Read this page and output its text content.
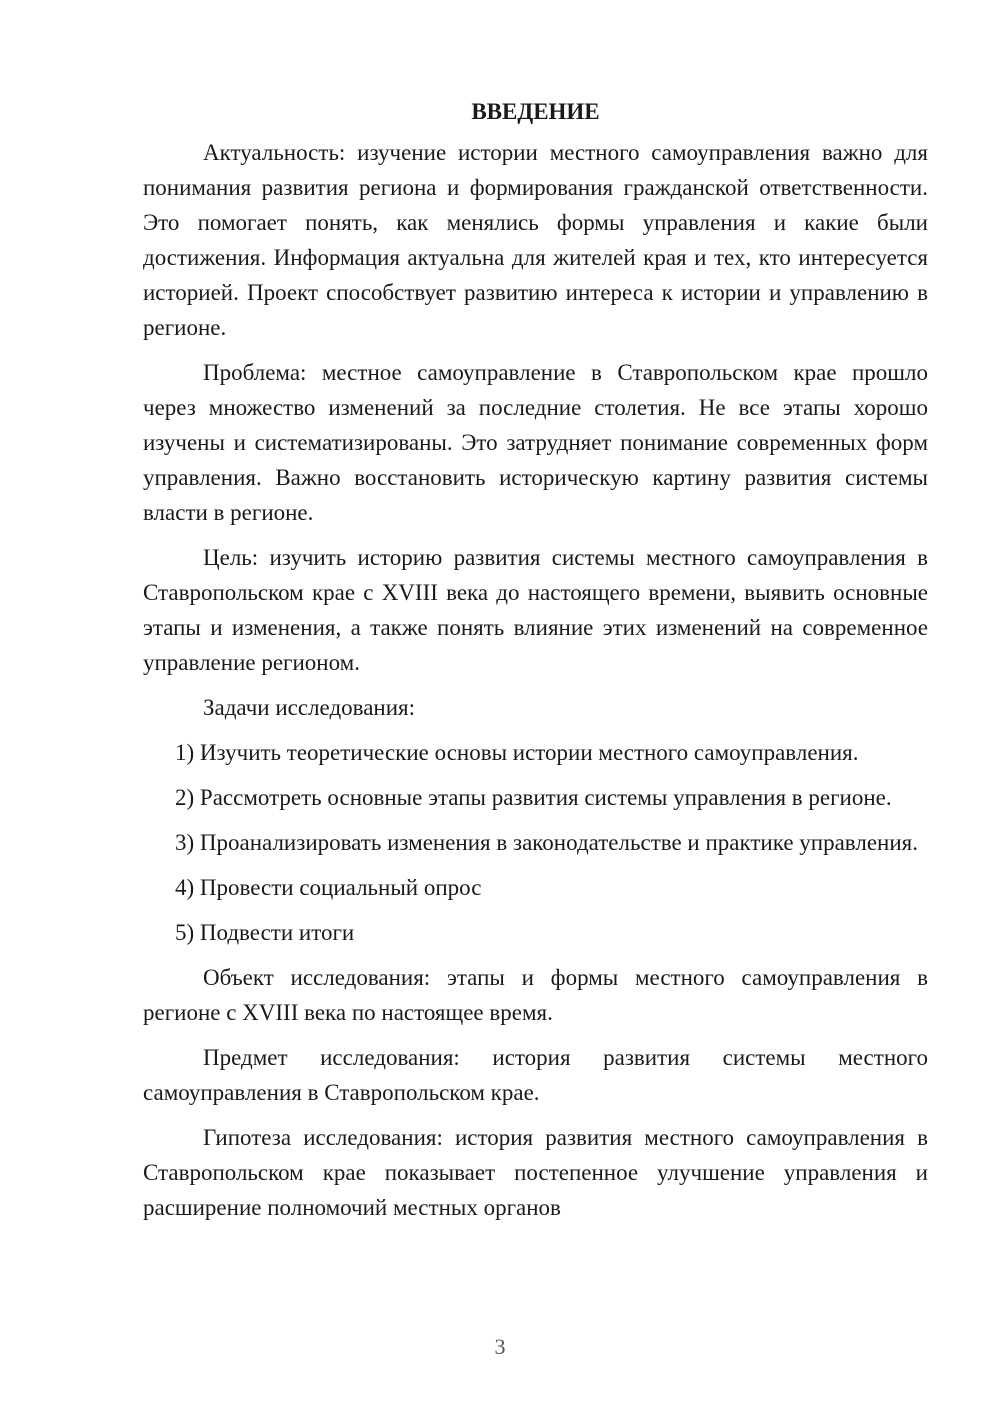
ВВЕДЕНИЕ

Актуальность: изучение истории местного самоуправления важно для понимания развития региона и формирования гражданской ответственности. Это помогает понять, как менялись формы управления и какие были достижения. Информация актуальна для жителей края и тех, кто интересуется историей. Проект способствует развитию интереса к истории и управлению в регионе.

Проблема: местное самоуправление в Ставропольском крае прошло через множество изменений за последние столетия. Не все этапы хорошо изучены и систематизированы. Это затрудняет понимание современных форм управления. Важно восстановить историческую картину развития системы власти в регионе.

Цель: изучить историю развития системы местного самоуправления в Ставропольском крае с XVIII века до настоящего времени, выявить основные этапы и изменения, а также понять влияние этих изменений на современное управление регионом.

Задачи исследования:

1) Изучить теоретические основы истории местного самоуправления.

2) Рассмотреть основные этапы развития системы управления в регионе.

3) Проанализировать изменения в законодательстве и практике управления.

4) Провести социальный опрос

5) Подвести итоги

Объект исследования: этапы и формы местного самоуправления в регионе с XVIII века по настоящее время.

Предмет исследования: история развития системы местного самоуправления в Ставропольском крае.

Гипотеза исследования: история развития местного самоуправления в Ставропольском крае показывает постепенное улучшение управления и расширение полномочий местных органов

3
